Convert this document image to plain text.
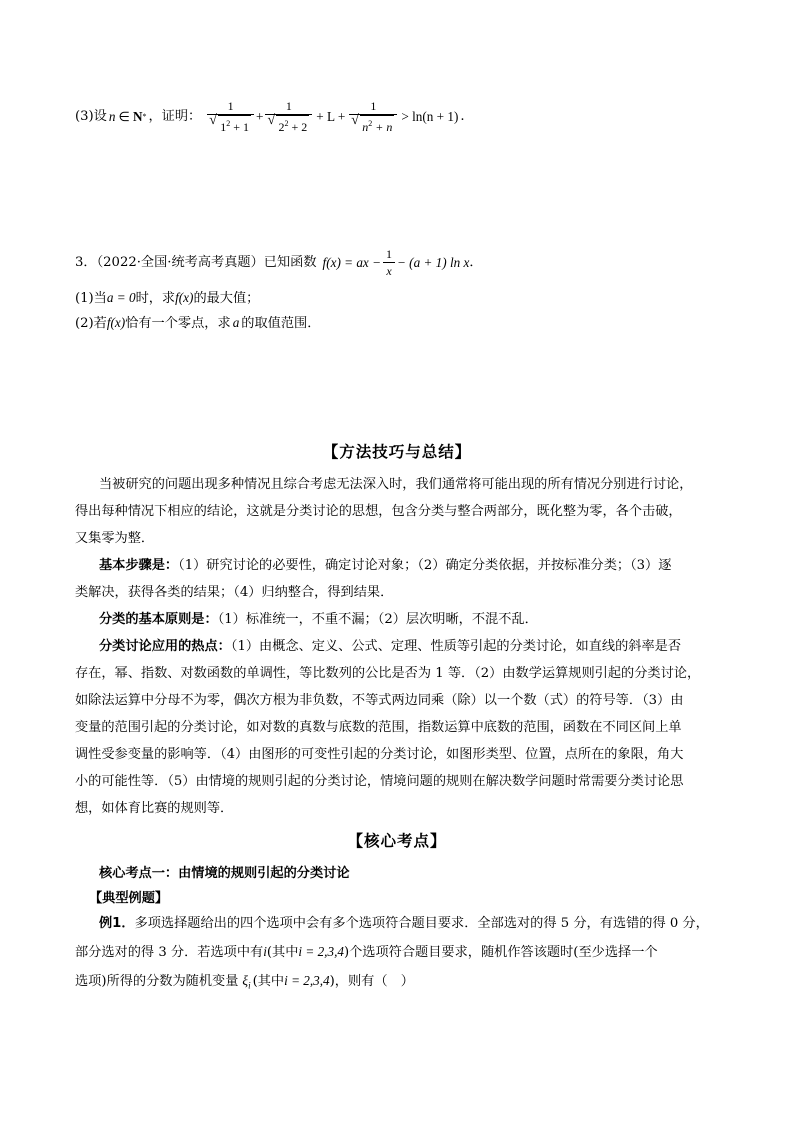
(3)设 n ∈ N * ，证明： 1
√ $1^2 + 1 + 1$
√ $2^2 + 2 + L + 1$
√ $n^2 + n > \ln(n + 1)$ .
3．（2022·全国·统考高考真题）已知函数 f(x) = ax − $\frac{1}{x} - (a + 1)$ ln x ．
(1)当a = 0时，求f(x)的最大值；
(2)若f(x)恰有一个零点，求 a 的取值范围．
【方法技巧与总结】
当被研究的问题出现多种情况且综合考虑无法深入时，我们通常将可能出现的所有情况分别进行讨论，
得出每种情况下相应的结论，这就是分类讨论的思想，包含分类与整合两部分，既化整为零，各个击破，
又集零为整．
基本步骤是：（1）研究讨论的必要性，确定讨论对象；（2）确定分类依据，并按标准分类；（3）逐
类解决，获得各类的结果；（4）归纳整合，得到结果．
分类的基本原则是：（1）标准统一，不重不漏；（2）层次明晰，不混不乱．
分类讨论应用的热点：（1）由概念、定义、公式、定理、性质等引起的分类讨论，如直线的斜率是否
存在，幂、指数、对数函数的单调性，等比数列的公比是否为 1 等．（2）由数学运算规则引起的分类讨论，
如除法运算中分母不为零，偶次方根为非负数，不等式两边同乘（除）以一个数（式）的符号等．（3）由
变量的范围引起的分类讨论，如对数的真数与底数的范围，指数运算中底数的范围，函数在不同区间上单
调性受参变量的影响等．（4）由图形的可变性引起的分类讨论，如图形类型、位置，点所在的象限，角大
小的可能性等．（5）由情境的规则引起的分类讨论，情境问题的规则在解决数学问题时常需要分类讨论思
想，如体育比赛的规则等．
【核心考点】
核心考点一：由情境的规则引起的分类讨论
【典型例题】
例1．多项选择题给出的四个选项中会有多个选项符合题目要求．全部选对的得 5 分，有选错的得 0 分，
部分选对的得 3 分．若选项中有i(其中i = 2,3,4)个选项符合题目要求，随机作答该题时(至少选择一个
选项)所得的分数为随机变量 $\xi_i$ (其中i = 2,3,4)，则有（　）
